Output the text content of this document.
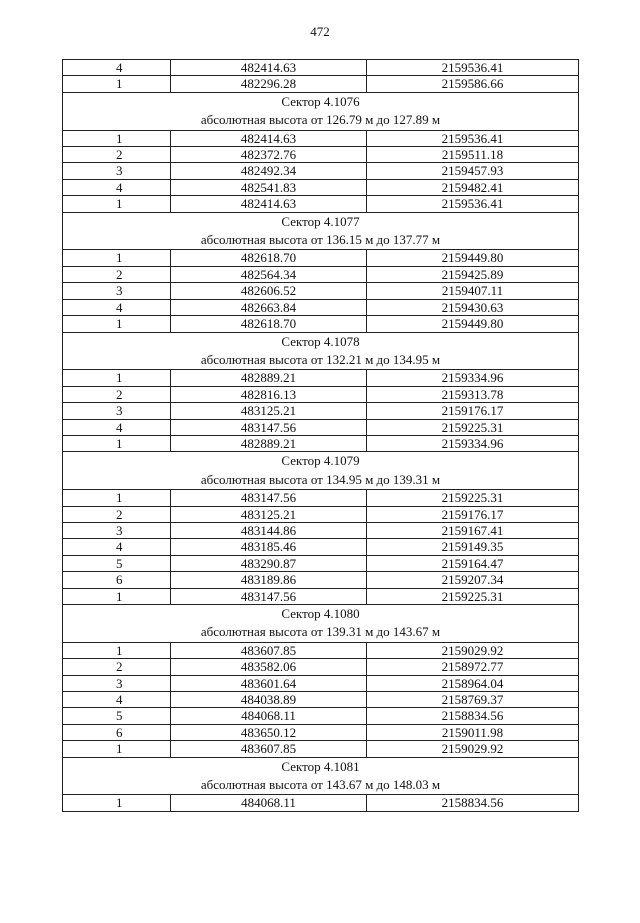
472
4	482414.63	2159536.41
1	482296.28	2159586.66

Сектор 4.1076
абсолютная высота от 126.79 м до 127.89 м		

1	482414.63	2159536.41
2	482372.76	2159511.18
3	482492.34	2159457.93
4	482541.83	2159482.41
1	482414.63	2159536.41

Сектор 4.1077
абсолютная высота от 136.15 м до 137.77 м		

1	482618.70	2159449.80
2	482564.34	2159425.89
3	482606.52	2159407.11
4	482663.84	2159430.63
1	482618.70	2159449.80

Сектор 4.1078
абсолютная высота от 132.21 м до 134.95 м		

1	482889.21	2159334.96
2	482816.13	2159313.78
3	483125.21	2159176.17
4	483147.56	2159225.31
1	482889.21	2159334.96

Сектор 4.1079
абсолютная высота от 134.95 м до 139.31 м		

1	483147.56	2159225.31
2	483125.21	2159176.17
3	483144.86	2159167.41
4	483185.46	2159149.35
5	483290.87	2159164.47
6	483189.86	2159207.34
1	483147.56	2159225.31

Сектор 4.1080
абсолютная высота от 139.31 м до 143.67 м		

1	483607.85	2159029.92
2	483582.06	2158972.77
3	483601.64	2158964.04
4	484038.89	2158769.37
5	484068.11	2158834.56
6	483650.12	2159011.98
1	483607.85	2159029.92

Сектор 4.1081
абсолютная высота от 143.67 м до 148.03 м		

1	484068.11	2158834.56
